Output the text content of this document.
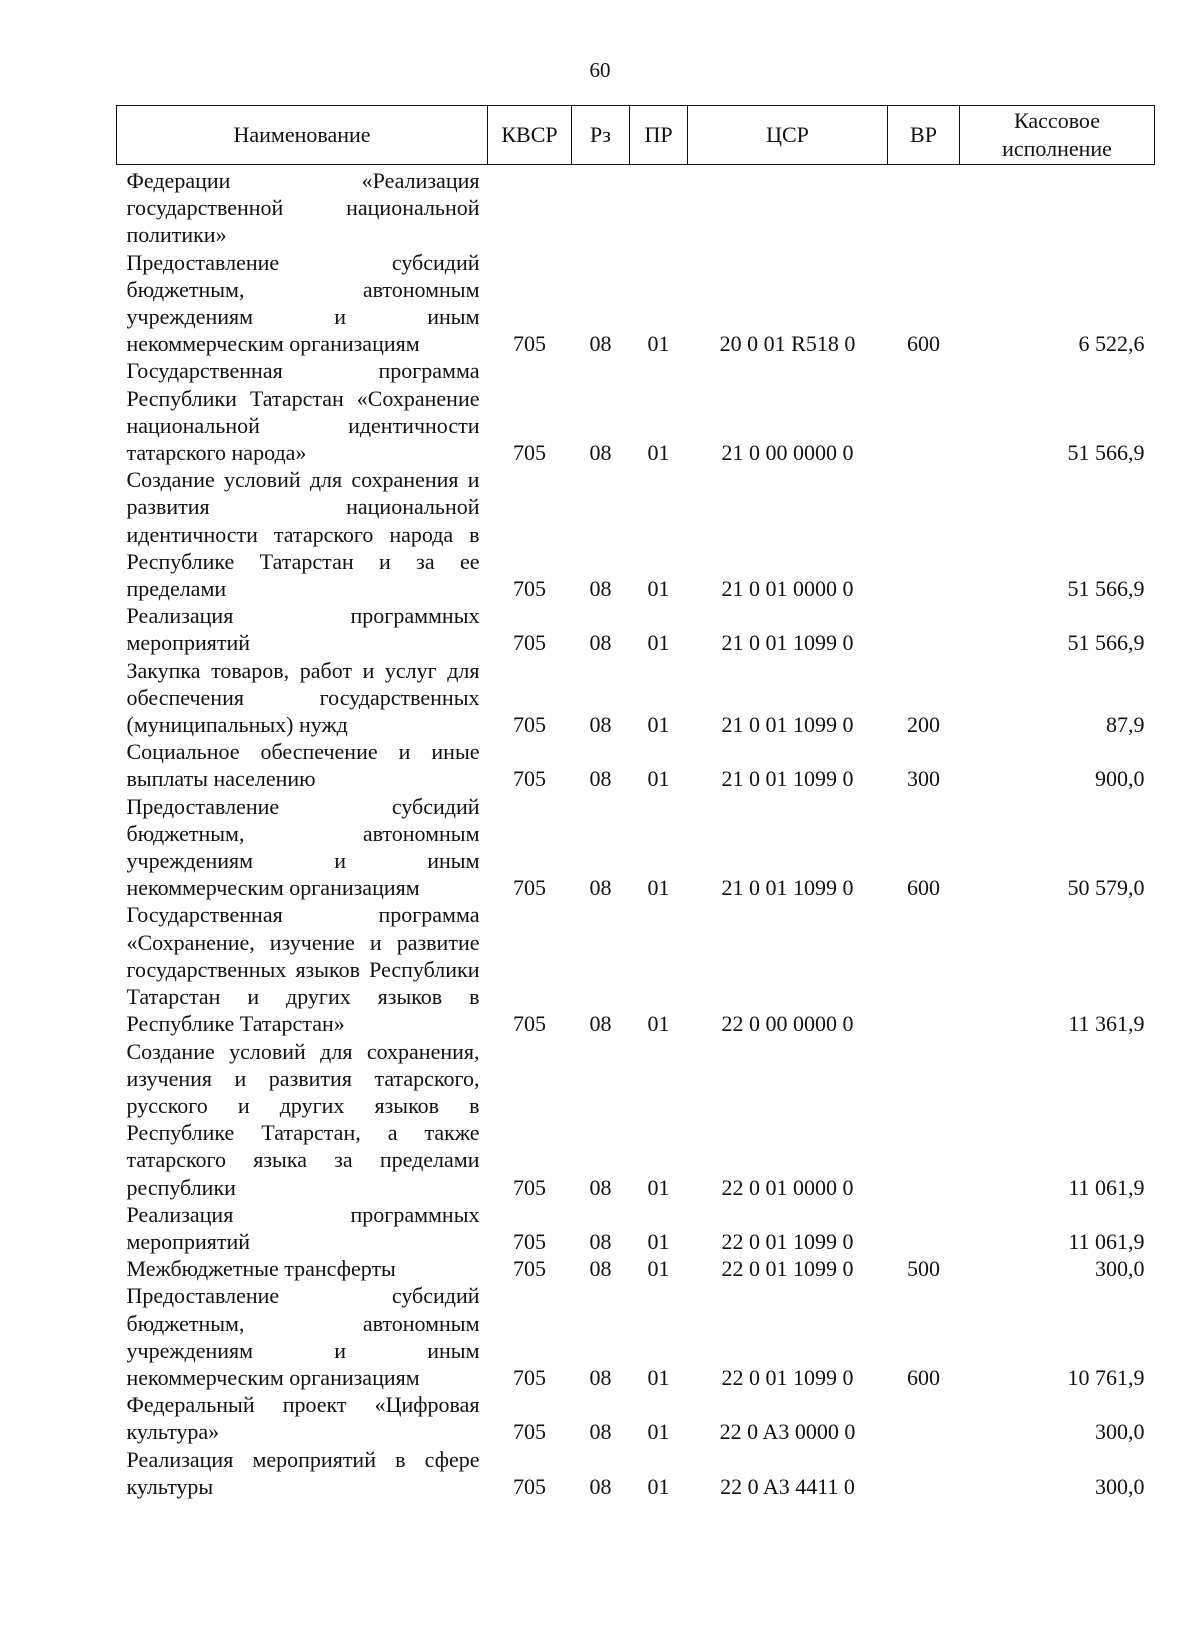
60
Наименование	КВСР	Рз	ПР	ЦСР	ВР	Кассовое исполнение
Федерации «Реализация государственной национальной политики»						
Предоставление субсидий бюджетным, автономным учреждениям и иным некоммерческим организациям	705	08	01	20 0 01 R518 0	600	6 522,6
Государственная программа Республики Татарстан «Сохранение национальной идентичности татарского народа»	705	08	01	21 0 00 0000 0		51 566,9
Создание условий для сохранения и развития национальной идентичности татарского народа в Республике Татарстан и за ее пределами	705	08	01	21 0 01 0000 0		51 566,9
Реализация программных мероприятий	705	08	01	21 0 01 1099 0		51 566,9
Закупка товаров, работ и услуг для обеспечения государственных (муниципальных) нужд	705	08	01	21 0 01 1099 0	200	87,9
Социальное обеспечение и иные выплаты населению	705	08	01	21 0 01 1099 0	300	900,0
Предоставление субсидий бюджетным, автономным учреждениям и иным некоммерческим организациям	705	08	01	21 0 01 1099 0	600	50 579,0
Государственная программа «Сохранение, изучение и развитие государственных языков Республики Татарстан и других языков в Республике Татарстан»	705	08	01	22 0 00 0000 0		11 361,9
Создание условий для сохранения, изучения и развития татарского, русского и других языков в Республике Татарстан, а также татарского языка за пределами республики	705	08	01	22 0 01 0000 0		11 061,9
Реализация программных мероприятий	705	08	01	22 0 01 1099 0		11 061,9
Межбюджетные трансферты	705	08	01	22 0 01 1099 0	500	300,0
Предоставление субсидий бюджетным, автономным учреждениям и иным некоммерческим организациям	705	08	01	22 0 01 1099 0	600	10 761,9
Федеральный проект «Цифровая культура»	705	08	01	22 0 A3 0000 0		300,0
Реализация мероприятий в сфере культуры	705	08	01	22 0 A3 4411 0		300,0
